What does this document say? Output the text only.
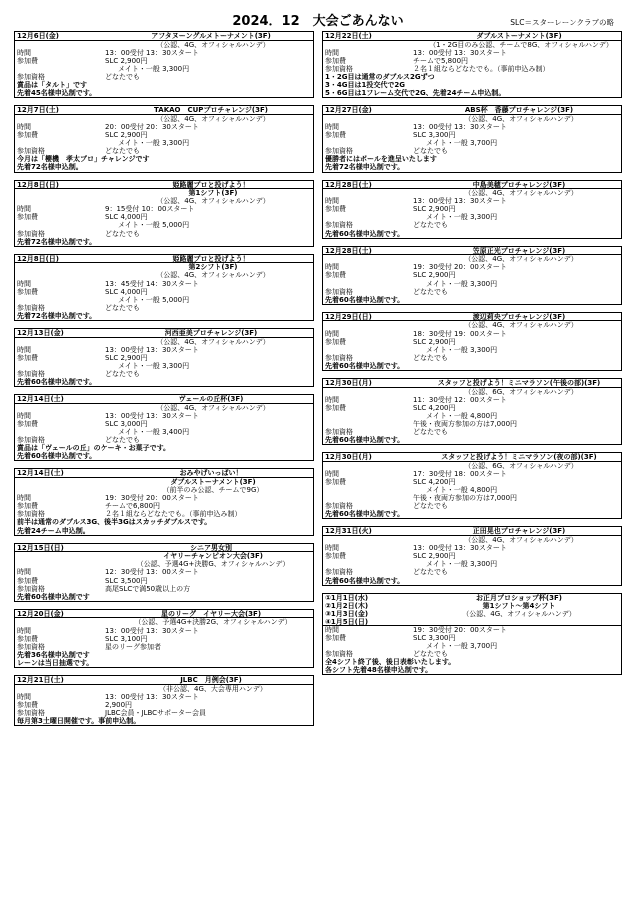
2024．12　大会ごあんない	SLC＝スターレーンクラブの略
12月6日(金)	アフタヌーングルメトーナメント(3F)
（公認、4G、オフィシャルハンデ）
時間	13：00受付 13：30スタート
参加費	SLC 2,900円
メイト・一般 3,300円
参加資格	どなたでも
賞品は「タルト」です
先着45名様申込制です。
12月7日(土)	TAKAO　CUPプロチャレンジ(3F)
（公認、4G、オフィシャルハンデ）
時間	20：00受付 20：30スタート
参加費	SLC 2,900円
メイト・一般 3,300円
参加資格	どなたでも
今月は「櫻機　孝太プロ」チャレンジです
先着72名様申込制。
12月8日(日)	姫路麗プロと投げよう！
第1シフト(3F)
（公認、4G、オフィシャルハンデ）
時間	9：15受付 10：00スタート
参加費	SLC 4,000円
メイト・一般 5,000円
参加資格	どなたでも
先着72名様申込制です。
12月8日(日)	姫路麗プロと投げよう！
第2シフト(3F)
（公認、4G、オフィシャルハンデ）
時間	13：45受付 14：30スタート
参加費	SLC 4,000円
メイト・一般 5,000円
参加資格	どなたでも
先着72名様申込制です。
12月13日(金)	河西亜美プロチャレンジ(3F)
（公認、4G、オフィシャルハンデ）
時間	13：00受付 13：30スタート
参加費	SLC 2,900円
メイト・一般 3,300円
参加資格	どなたでも
先着60名様申込制です。
12月14日(土)	ヴェールの丘杯(3F)
（公認、4G、オフィシャルハンデ）
時間	13：00受付 13：30スタート
参加費	SLC 3,000円
メイト・一般 3,400円
参加資格	どなたでも
賞品は「ヴェールの丘」のケーキ・お菓子です。
先着60名様申込制です。
12月14日(土)	おみやげいっぱい！
ダブルストーナメント(3F)
（前半のみ公認、チームで9G）
時間	19：30受付 20：00スタート
参加費	チームで6,800円
参加資格	２名１組ならどなたでも。（事前申込み制）
前半は通常のダブルス3G、後半3Gはスカッチダブルスです。
先着24チーム申込制。
12月15日(日)	シニア男女別
イヤリーチャンピオン大会(3F)
（公認、予選4G+決勝G、オフィシャルハンデ）
時間	12：30受付 13：00スタート
参加費	SLC 3,500円
参加資格	高尾SLCで満50歳以上の方
先着60名様申込制です
12月20日(金)	星のリーグ　イヤリー大会(3F)
（公認、予選4G+決勝2G、オフィシャルハンデ）
時間	13：00受付 13：30スタート
参加費	SLC 3,100円
参加資格	星のリーグ参加者
先着36名様申込制です
レーンは当日抽選です。
12月21日(土)	JLBC　月例会(3F)
（非公認、4G、大会専用ハンデ）
時間	13：00受付 13：30スタート
参加費	2,900円
参加資格	JLBC会員・JLBCサポーター会員
毎月第3土曜日開催です。事前申込制。
12月22日(土)	ダブルストーナメント(3F)
（1・2G目のみ公認、チームで8G、オフィシャルハンデ）
時間	13：00受付 13：30スタート
参加費	チームで5,800円
参加資格	２名１組ならどなたでも。（事前申込み制）
1・2G目は通常のダブルス2Gずつ
3・4G目は1投交代で2G
5・6G目は1フレーム交代で2G、先着24チーム申込制。
12月27日(金)	ABS杯　香藤プロチャレンジ(3F)
（公認、4G、オフィシャルハンデ）
時間	13：00受付 13：30スタート
参加費	SLC 3,300円
メイト・一般 3,700円
参加資格	どなたでも
優勝者にはボールを進呈いたします
先着72名様申込制です。
12月28日(土)	中島美穂プロチャレンジ(3F)
（公認、4G、オフィシャルハンデ）
時間	13：00受付 13：30スタート
参加費	SLC 2,900円
メイト・一般 3,300円
参加資格	どなたでも
先着60名様申込制です。
12月28日(土)	笠原正光プロチャレンジ(3F)
（公認、4G、オフィシャルハンデ）
時間	19：30受付 20：00スタート
参加費	SLC 2,900円
メイト・一般 3,300円
参加資格	どなたでも
先着60名様申込制です。
12月29日(日)	渡辺莉央プロチャレンジ(3F)
（公認、4G、オフィシャルハンデ）
時間	18：30受付 19：00スタート
参加費	SLC 2,900円
メイト・一般 3,300円
参加資格	どなたでも
先着60名様申込制です。
12月30日(月)	スタッフと投げよう！ミニマラソン(午後の部)(3F)
（公認、6G、オフィシャルハンデ）
時間	11：30受付 12：00スタート
参加費	SLC 4,200円
メイト・一般 4,800円
午後・夜両方参加の方は7,000円
参加資格	どなたでも
先着60名様申込制です。
12月30日(月)	スタッフと投げよう！ミニマラソン(夜の部)(3F)
（公認、6G、オフィシャルハンデ）
時間	17：30受付 18：00スタート
参加費	SLC 4,200円
メイト・一般 4,800円
午後・夜両方参加の方は7,000円
参加資格	どなたでも
先着60名様申込制です。
12月31日(火)	正田晃也プロチャレンジ(3F)
（公認、4G、オフィシャルハンデ）
時間	13：00受付 13：30スタート
参加費	SLC 2,900円
メイト・一般 3,300円
参加資格	どなたでも
先着60名様申込制です。
①1月1日(水)
②1月2日(木)
③1月3日(金)
④1月5日(日)
お正月プロショップ杯(3F)
第1シフト～第4シフト
（公認、4G、オフィシャルハンデ）
時間	19：30受付 20：00スタート
参加費	SLC 3,300円
メイト・一般 3,700円
参加資格	どなたでも
全4シフト終了後、後日表彰いたします。
各シフト先着48名様申込制です。
